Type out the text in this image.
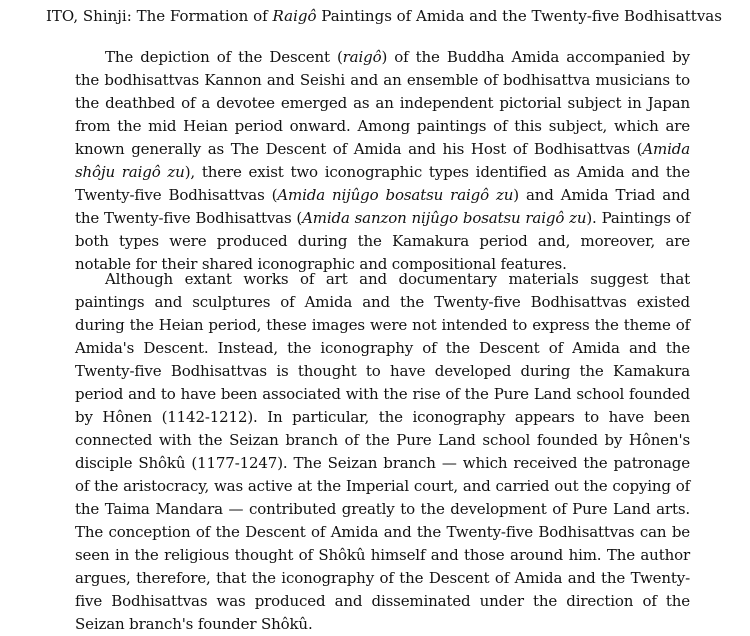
ITO, Shinji: The Formation of Raigô Paintings of Amida and the Twenty-five Bodhisattvas

The depiction of the Descent (raigô) of the Buddha Amida accompanied by the bodhisattvas Kannon and Seishi and an ensemble of bodhisattva musicians to the deathbed of a devotee emerged as an independent pictorial subject in Japan from the mid Heian period onward. Among paintings of this subject, which are known generally as The Descent of Amida and his Host of Bodhisattvas (Amida shôju raigô zu), there exist two iconographic types identified as Amida and the Twenty-five Bodhisattvas (Amida nijûgo bosatsu raigô zu) and Amida Triad and the Twenty-five Bodhisattvas (Amida sanzon nijûgo bosatsu raigô zu). Paintings of both types were produced during the Kamakura period and, moreover, are notable for their shared iconographic and compositional features.

Although extant works of art and documentary materials suggest that paintings and sculptures of Amida and the Twenty-five Bodhisattvas existed during the Heian period, these images were not intended to express the theme of Amida's Descent. Instead, the iconography of the Descent of Amida and the Twenty-five Bodhisattvas is thought to have developed during the Kamakura period and to have been associated with the rise of the Pure Land school founded by Hônen (1142-1212). In particular, the iconography appears to have been connected with the Seizan branch of the Pure Land school founded by Hônen's disciple Shôkû (1177-1247). The Seizan branch — which received the patronage of the aristocracy, was active at the Imperial court, and carried out the copying of the Taima Mandara — contributed greatly to the development of Pure Land arts. The conception of the Descent of Amida and the Twenty-five Bodhisattvas can be seen in the religious thought of Shôkû himself and those around him. The author argues, therefore, that the iconography of the Descent of Amida and the Twenty-five Bodhisattvas was produced and disseminated under the direction of the Seizan branch's founder Shôkû.
